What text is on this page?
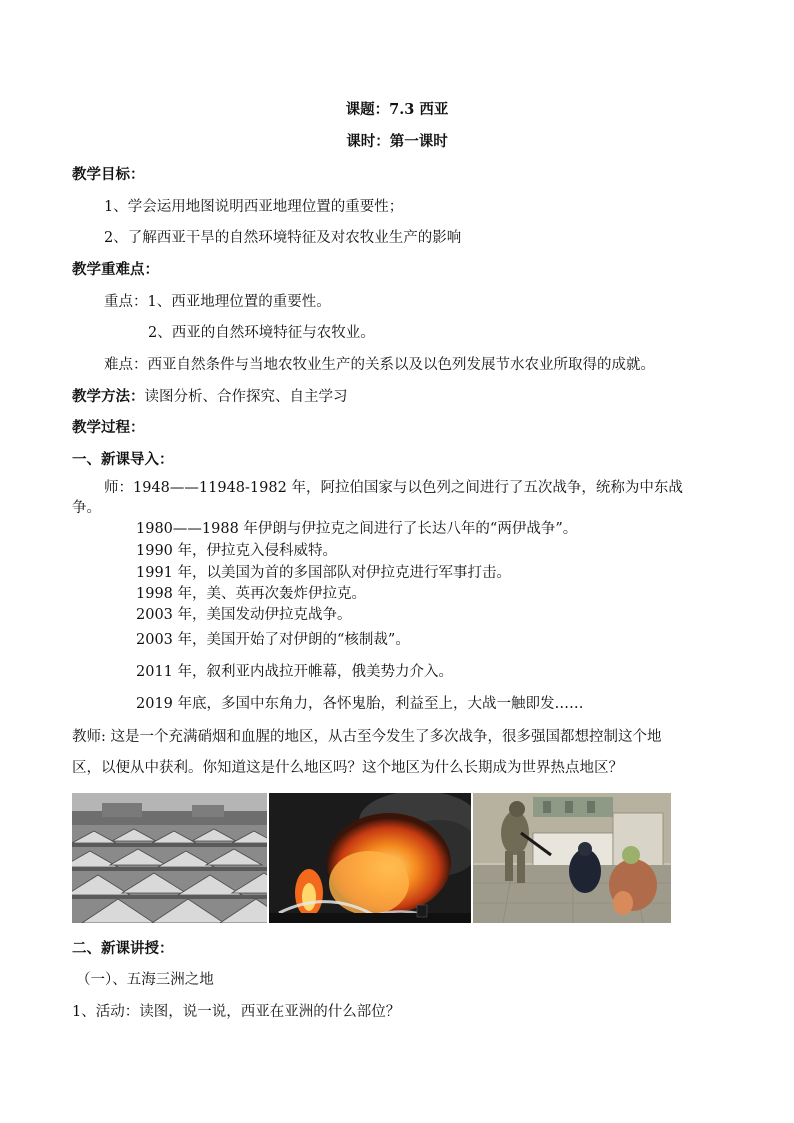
课题：7.3 西亚
课时：第一课时
教学目标：
1、学会运用地图说明西亚地理位置的重要性；
2、了解西亚干旱的自然环境特征及对农牧业生产的影响
教学重难点：
重点：1、西亚地理位置的重要性。
2、西亚的自然环境特征与农牧业。
难点：西亚自然条件与当地农牧业生产的关系以及以色列发展节水农业所取得的成就。
教学方法：读图分析、合作探究、自主学习
教学过程：
一、新课导入：
师：1948——11948-1982 年，阿拉伯国家与以色列之间进行了五次战争，统称为中东战
争。
1980——1988 年伊朗与伊拉克之间进行了长达八年的“两伊战争”。
1990 年，伊拉克入侵科威特。
1991 年，以美国为首的多国部队对伊拉克进行军事打击。
1998 年，美、英再次轰炸伊拉克。
2003 年，美国发动伊拉克战争。
2003 年，美国开始了对伊朗的“核制裁”。
2011 年，叙利亚内战拉开帷幕，俄美势力介入。
2019 年底，多国中东角力，各怀鬼胎，利益至上，大战一触即发……
教师: 这是一个充满硝烟和血腥的地区，从古至今发生了多次战争，很多强国都想控制这个地
区，以便从中获利。你知道这是什么地区吗？这个地区为什么长期成为世界热点地区？
二、新课讲授：
（一）、五海三洲之地
1、活动：读图，说一说，西亚在亚洲的什么部位？
